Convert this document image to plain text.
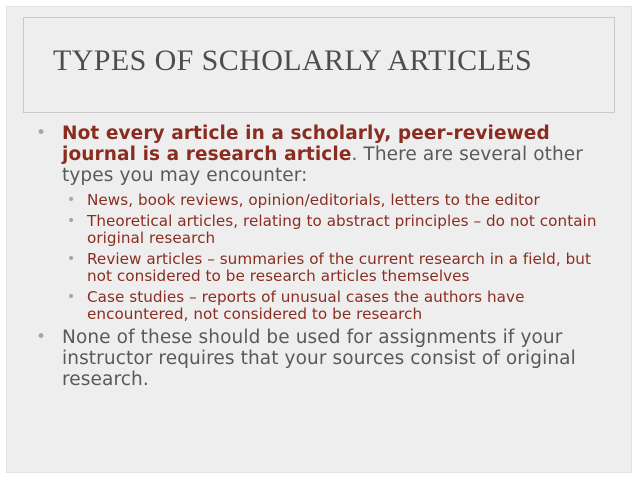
TYPES OF SCHOLARLY ARTICLES
• Not every article in a scholarly, peer-reviewed journal is a research article. There are several other types you may encounter:
• News, book reviews, opinion/editorials, letters to the editor
• Theoretical articles, relating to abstract principles – do not contain original research
• Review articles – summaries of the current research in a field, but not considered to be research articles themselves
• Case studies – reports of unusual cases the authors have encountered, not considered to be research
• None of these should be used for assignments if your instructor requires that your sources consist of original research.
